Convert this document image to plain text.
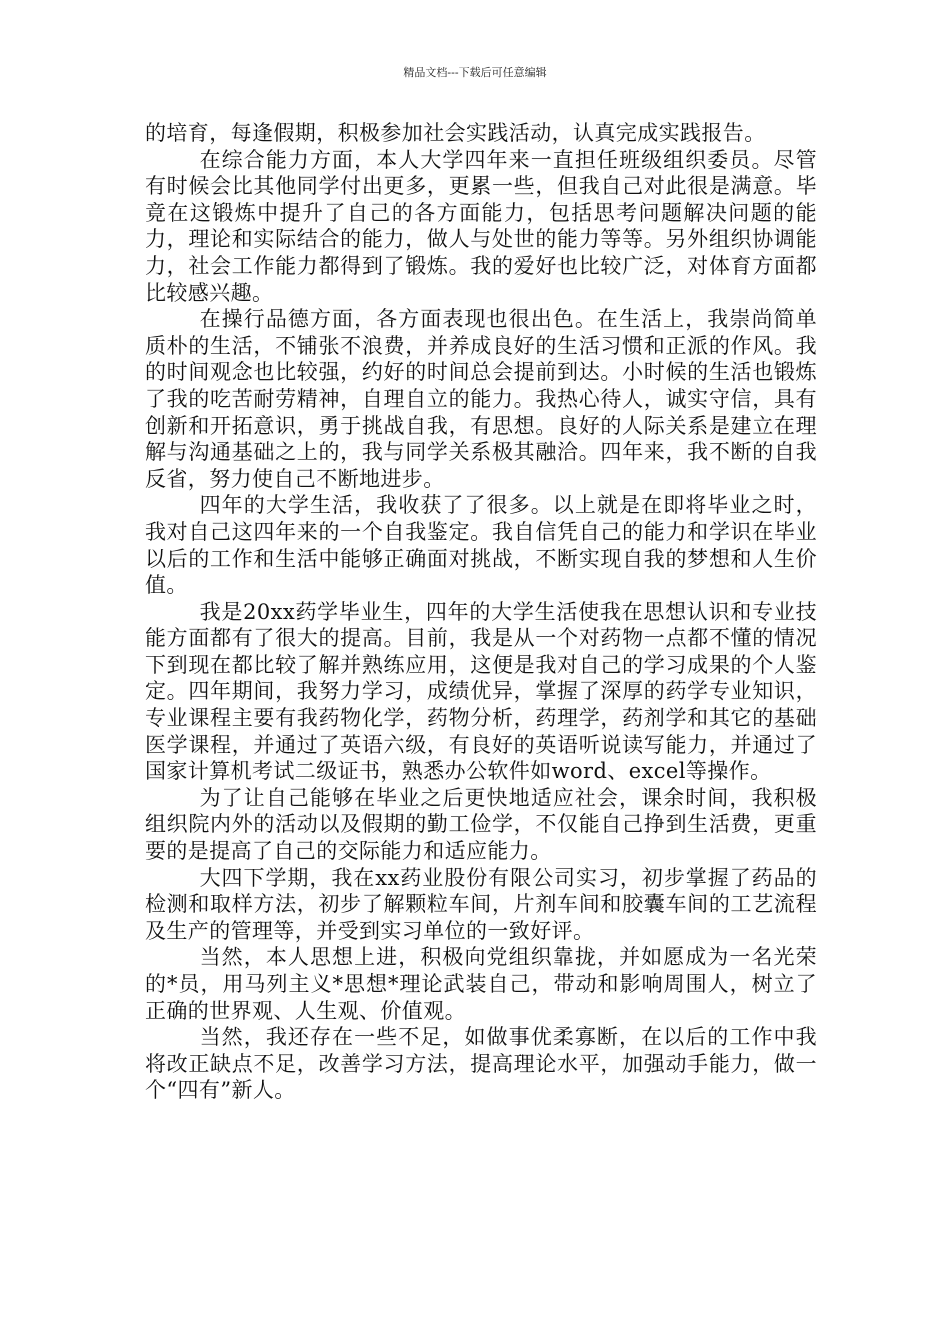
精品文档---下载后可任意编辑

的培育，每逢假期，积极参加社会实践活动，认真完成实践报告。

在综合能力方面，本人大学四年来一直担任班级组织委员。尽管有时候会比其他同学付出更多，更累一些，但我自己对此很是满意。毕竟在这锻炼中提升了自己的各方面能力，包括思考问题解决问题的能力，理论和实际结合的能力，做人与处世的能力等等。另外组织协调能力，社会工作能力都得到了锻炼。我的爱好也比较广泛，对体育方面都比较感兴趣。

在操行品德方面，各方面表现也很出色。在生活上，我崇尚简单质朴的生活，不铺张不浪费，并养成良好的生活习惯和正派的作风。我的时间观念也比较强，约好的时间总会提前到达。小时候的生活也锻炼了我的吃苦耐劳精神，自理自立的能力。我热心待人，诚实守信，具有创新和开拓意识，勇于挑战自我，有思想。良好的人际关系是建立在理解与沟通基础之上的，我与同学关系极其融洽。四年来，我不断的自我反省，努力使自己不断地进步。

四年的大学生活，我收获了了很多。以上就是在即将毕业之时，我对自己这四年来的一个自我鉴定。我自信凭自己的能力和学识在毕业以后的工作和生活中能够正确面对挑战，不断实现自我的梦想和人生价值。

我是20xx药学毕业生，四年的大学生活使我在思想认识和专业技能方面都有了很大的提高。目前，我是从一个对药物一点都不懂的情况下到现在都比较了解并熟练应用，这便是我对自己的学习成果的个人鉴定。四年期间，我努力学习，成绩优异，掌握了深厚的药学专业知识，专业课程主要有我药物化学，药物分析，药理学，药剂学和其它的基础医学课程，并通过了英语六级，有良好的英语听说读写能力，并通过了国家计算机考试二级证书，熟悉办公软件如word、excel等操作。

为了让自己能够在毕业之后更快地适应社会，课余时间，我积极组织院内外的活动以及假期的勤工俭学，不仅能自己挣到生活费，更重要的是提高了自己的交际能力和适应能力。

大四下学期，我在xx药业股份有限公司实习，初步掌握了药品的检测和取样方法，初步了解颗粒车间，片剂车间和胶囊车间的工艺流程及生产的管理等，并受到实习单位的一致好评。

当然，本人思想上进，积极向党组织靠拢，并如愿成为一名光荣的*员，用马列主义*思想*理论武装自己，带动和影响周围人，树立了正确的世界观、人生观、价值观。

当然，我还存在一些不足，如做事优柔寡断，在以后的工作中我将改正缺点不足，改善学习方法，提高理论水平，加强动手能力，做一个“四有”新人。
